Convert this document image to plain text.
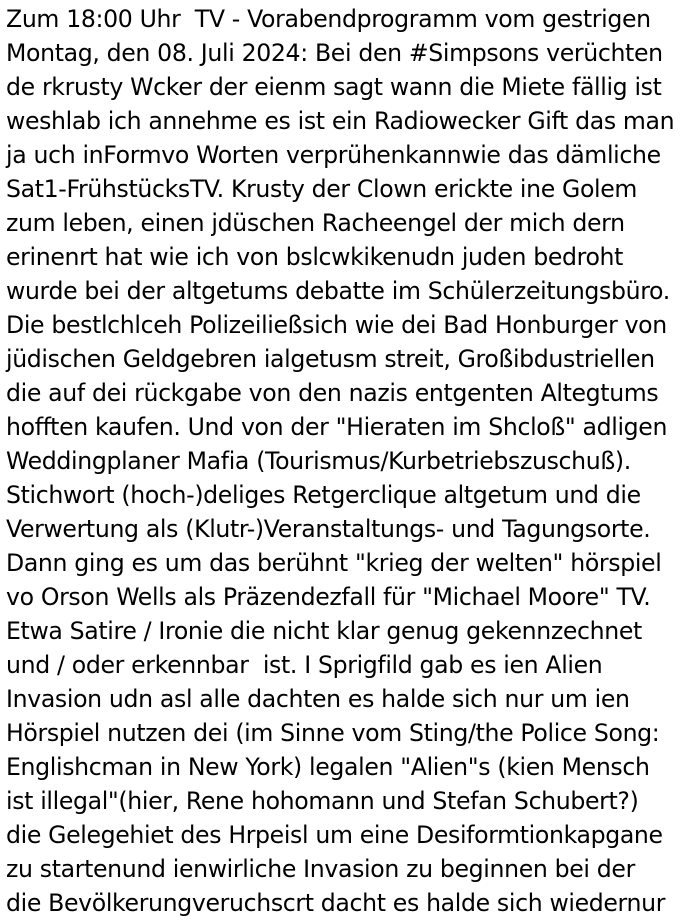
Zum 18:00 Uhr  TV - Vorabendprogramm vom gestrigen
Montag, den 08. Juli 2024: Bei den #Simpsons verüchten
de rkrusty Wcker der eienm sagt wann die Miete fällig ist
weshlab ich annehme es ist ein Radiowecker Gift das man
ja uch inFormvo Worten verprühenkannwie das dämliche
Sat1-FrühstücksTV. Krusty der Clown erickte ine Golem
zum leben, einen jdüschen Racheengel der mich dern
erinenrt hat wie ich von bslcwkikenudn juden bedroht
wurde bei der altgetums debatte im Schülerzeitungsbüro.
Die bestlchlceh Polizeiließsich wie dei Bad Honburger von
jüdischen Geldgebren ialgetusm streit, Großibdustriellen
die auf dei rückgabe von den nazis entgenten Altegtums
hofften kaufen. Und von der "Hieraten im Shcloß" adligen
Weddingplaner Mafia (Tourismus/Kurbetriebszuschuß).
Stichwort (hoch-)deliges Retgerclique altgetum und die
Verwertung als (Klutr-)Veranstaltungs- und Tagungsorte.
Dann ging es um das berühnt "krieg der welten" hörspiel
vo Orson Wells als Präzendezfall für "Michael Moore" TV.
Etwa Satire / Ironie die nicht klar genug gekennzechnet
und / oder erkennbar  ist. I Sprigfild gab es ien Alien
Invasion udn asl alle dachten es halde sich nur um ien
Hörspiel nutzen dei (im Sinne vom Sting/the Police Song:
Englishcman in New York) legalen "Alien"s (kien Mensch
ist illegal"(hier, Rene hohomann und Stefan Schubert?)
die Gelegehiet des Hrpeisl um eine Desiformtionkapgane
zu startenund ienwirliche Invasion zu beginnen bei der
die Bevölkerungveruchscrt dacht es halde sich wiedernur
